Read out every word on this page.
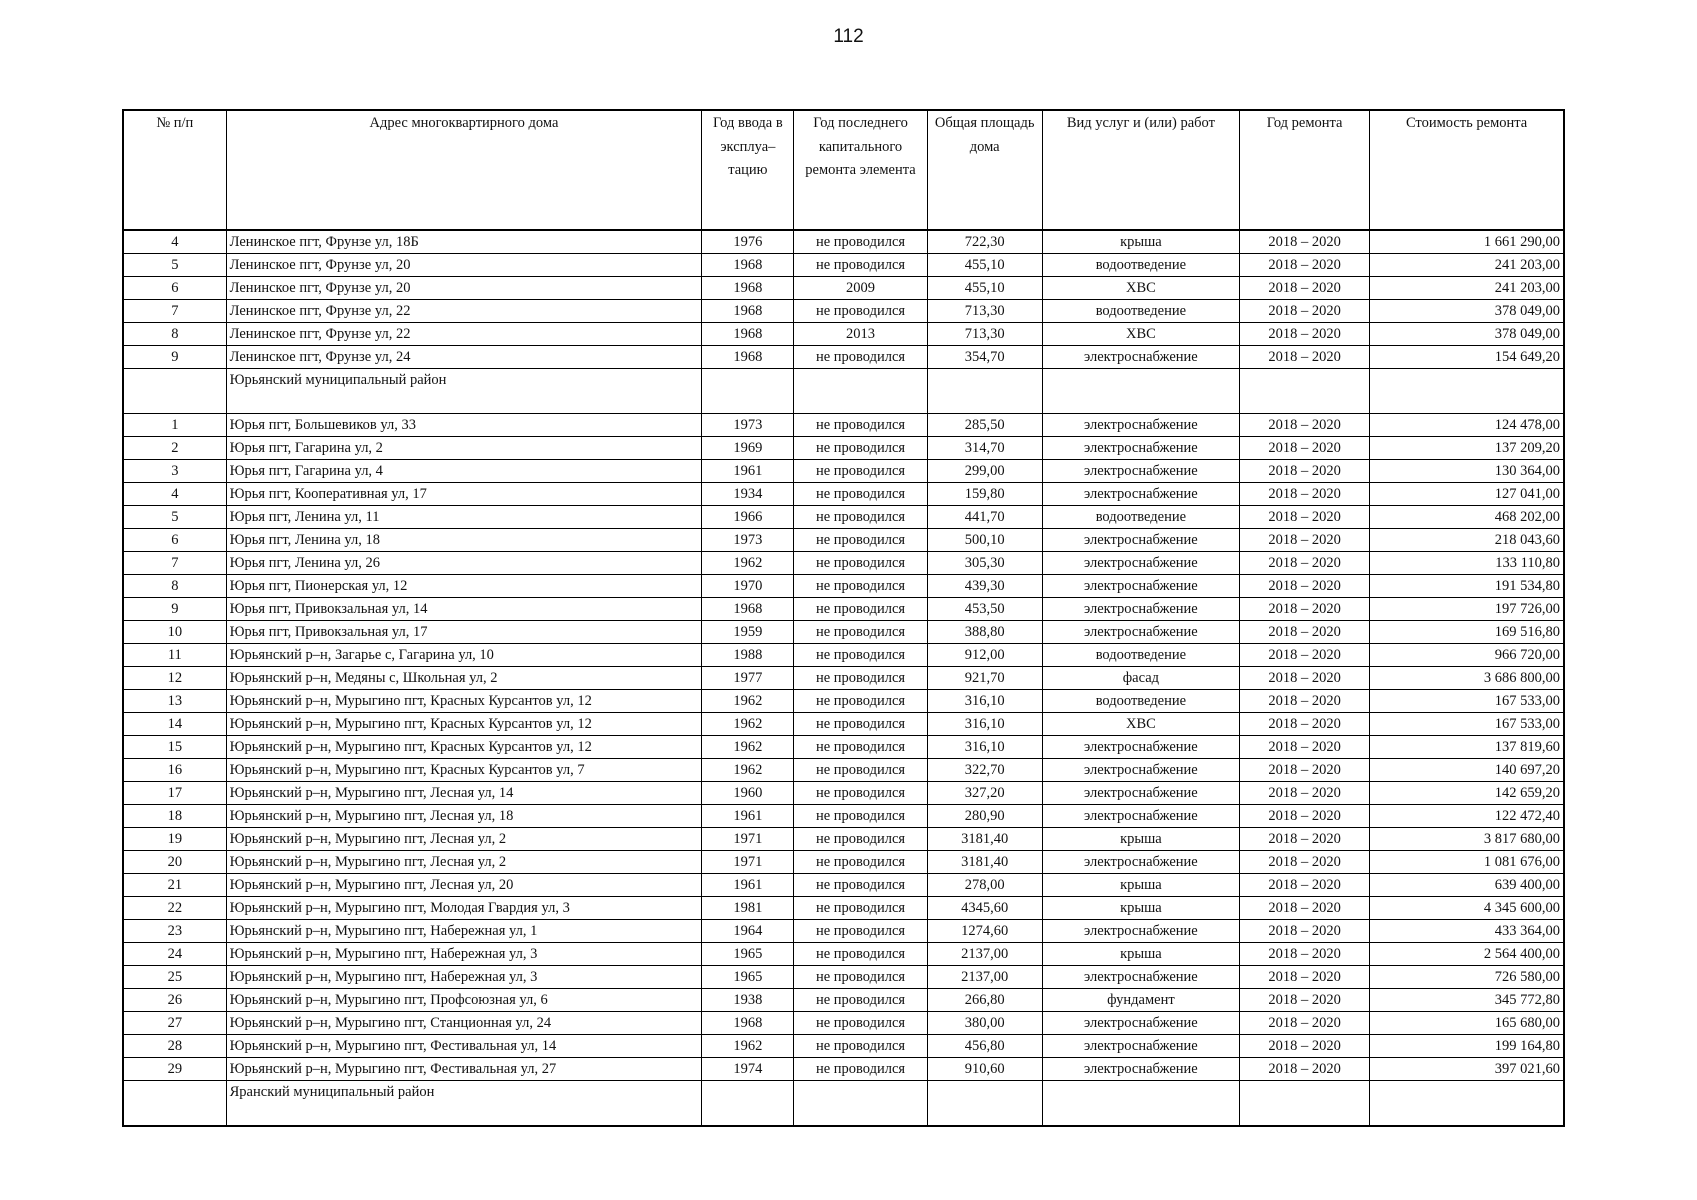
112
№ п/п	Адрес многоквартирного дома	Год ввода в эксплуа– тацию	Год последнего капитального ремонта элемента	Общая площадь дома	Вид услуг и (или) работ	Год ремонта	Стоимость ремонта
4	Ленинское пгт, Фрунзе ул, 18Б	1976	не проводился	722,30	крыша	2018 – 2020	1 661 290,00
5	Ленинское пгт, Фрунзе ул, 20	1968	не проводился	455,10	водоотведение	2018 – 2020	241 203,00
6	Ленинское пгт, Фрунзе ул, 20	1968	2009	455,10	ХВС	2018 – 2020	241 203,00
7	Ленинское пгт, Фрунзе ул, 22	1968	не проводился	713,30	водоотведение	2018 – 2020	378 049,00
8	Ленинское пгт, Фрунзе ул, 22	1968	2013	713,30	ХВС	2018 – 2020	378 049,00
9	Ленинское пгт, Фрунзе ул, 24	1968	не проводился	354,70	электроснабжение	2018 – 2020	154 649,20
	Юрьянский муниципальный район						
1	Юрья пгт, Большевиков ул, 33	1973	не проводился	285,50	электроснабжение	2018 – 2020	124 478,00
2	Юрья пгт, Гагарина ул, 2	1969	не проводился	314,70	электроснабжение	2018 – 2020	137 209,20
3	Юрья пгт, Гагарина ул, 4	1961	не проводился	299,00	электроснабжение	2018 – 2020	130 364,00
4	Юрья пгт, Кооперативная ул, 17	1934	не проводился	159,80	электроснабжение	2018 – 2020	127 041,00
5	Юрья пгт, Ленина ул, 11	1966	не проводился	441,70	водоотведение	2018 – 2020	468 202,00
6	Юрья пгт, Ленина ул, 18	1973	не проводился	500,10	электроснабжение	2018 – 2020	218 043,60
7	Юрья пгт, Ленина ул, 26	1962	не проводился	305,30	электроснабжение	2018 – 2020	133 110,80
8	Юрья пгт, Пионерская ул, 12	1970	не проводился	439,30	электроснабжение	2018 – 2020	191 534,80
9	Юрья пгт, Привокзальная ул, 14	1968	не проводился	453,50	электроснабжение	2018 – 2020	197 726,00
10	Юрья пгт, Привокзальная ул, 17	1959	не проводился	388,80	электроснабжение	2018 – 2020	169 516,80
11	Юрьянский р–н, Загарье с, Гагарина ул, 10	1988	не проводился	912,00	водоотведение	2018 – 2020	966 720,00
12	Юрьянский р–н, Медяны с, Школьная ул, 2	1977	не проводился	921,70	фасад	2018 – 2020	3 686 800,00
13	Юрьянский р–н, Мурыгино пгт, Красных Курсантов ул, 12	1962	не проводился	316,10	водоотведение	2018 – 2020	167 533,00
14	Юрьянский р–н, Мурыгино пгт, Красных Курсантов ул, 12	1962	не проводился	316,10	ХВС	2018 – 2020	167 533,00
15	Юрьянский р–н, Мурыгино пгт, Красных Курсантов ул, 12	1962	не проводился	316,10	электроснабжение	2018 – 2020	137 819,60
16	Юрьянский р–н, Мурыгино пгт, Красных Курсантов ул, 7	1962	не проводился	322,70	электроснабжение	2018 – 2020	140 697,20
17	Юрьянский р–н, Мурыгино пгт, Лесная ул, 14	1960	не проводился	327,20	электроснабжение	2018 – 2020	142 659,20
18	Юрьянский р–н, Мурыгино пгт, Лесная ул, 18	1961	не проводился	280,90	электроснабжение	2018 – 2020	122 472,40
19	Юрьянский р–н, Мурыгино пгт, Лесная ул, 2	1971	не проводился	3181,40	крыша	2018 – 2020	3 817 680,00
20	Юрьянский р–н, Мурыгино пгт, Лесная ул, 2	1971	не проводился	3181,40	электроснабжение	2018 – 2020	1 081 676,00
21	Юрьянский р–н, Мурыгино пгт, Лесная ул, 20	1961	не проводился	278,00	крыша	2018 – 2020	639 400,00
22	Юрьянский р–н, Мурыгино пгт, Молодая Гвардия ул, 3	1981	не проводился	4345,60	крыша	2018 – 2020	4 345 600,00
23	Юрьянский р–н, Мурыгино пгт, Набережная ул, 1	1964	не проводился	1274,60	электроснабжение	2018 – 2020	433 364,00
24	Юрьянский р–н, Мурыгино пгт, Набережная ул, 3	1965	не проводился	2137,00	крыша	2018 – 2020	2 564 400,00
25	Юрьянский р–н, Мурыгино пгт, Набережная ул, 3	1965	не проводился	2137,00	электроснабжение	2018 – 2020	726 580,00
26	Юрьянский р–н, Мурыгино пгт, Профсоюзная ул, 6	1938	не проводился	266,80	фундамент	2018 – 2020	345 772,80
27	Юрьянский р–н, Мурыгино пгт, Станционная ул, 24	1968	не проводился	380,00	электроснабжение	2018 – 2020	165 680,00
28	Юрьянский р–н, Мурыгино пгт, Фестивальная ул, 14	1962	не проводился	456,80	электроснабжение	2018 – 2020	199 164,80
29	Юрьянский р–н, Мурыгино пгт, Фестивальная ул, 27	1974	не проводился	910,60	электроснабжение	2018 – 2020	397 021,60
	Яранский муниципальный район						
